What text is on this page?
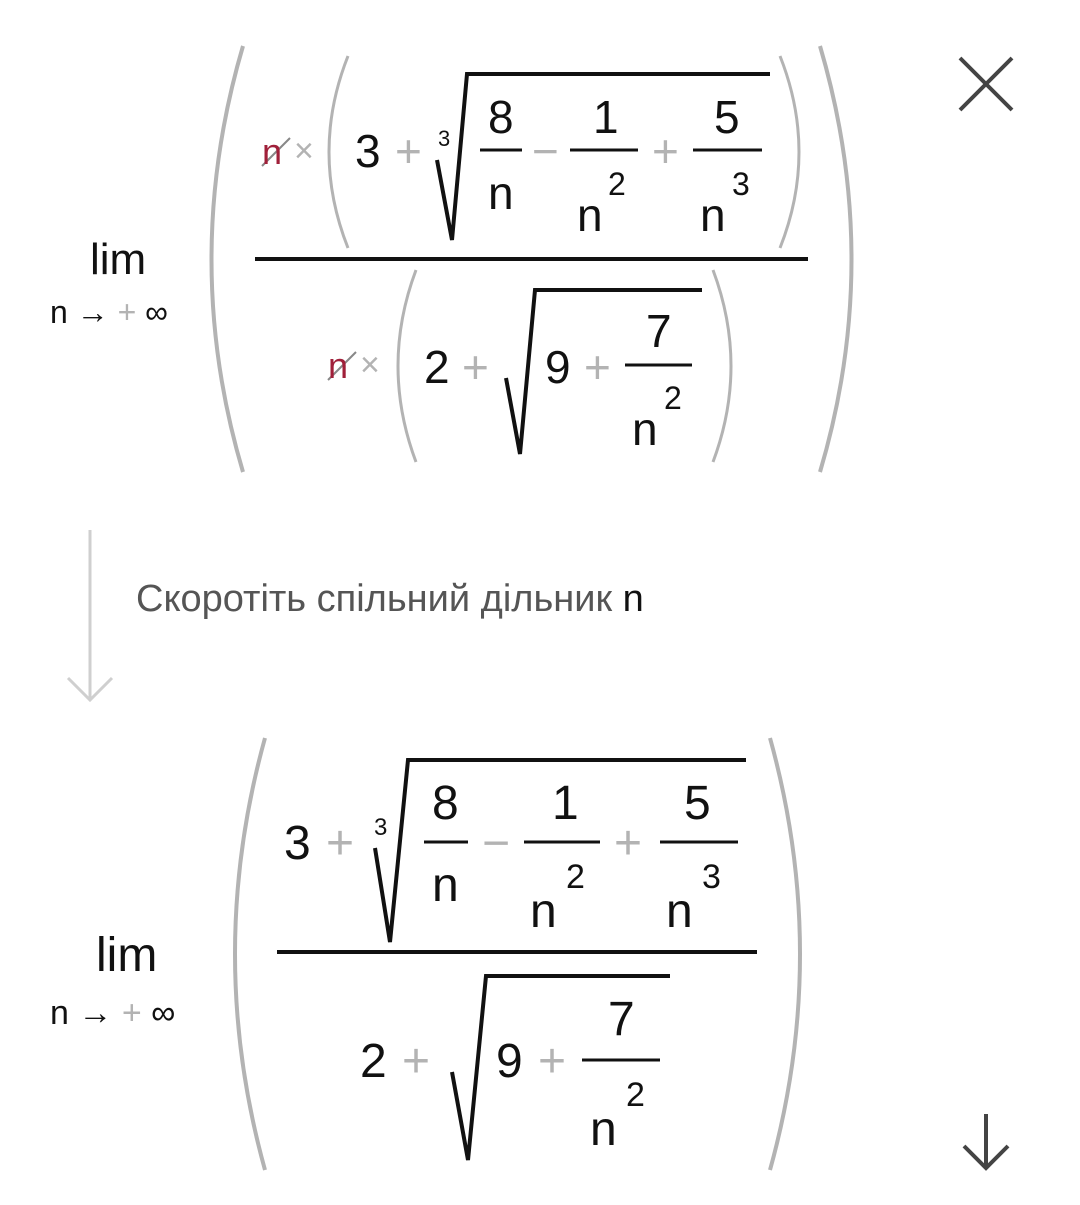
lim
n → + ∞
n × 3 + 3 8
n
−
1
n
2
+
5
n
3
n × 2 + 9 +
7
n
2
Скоротіть спільний дільник n
lim
n → + ∞
3 + 3 8
n
−
1
n
2
+
5
n
3
2 + 9 +
7
n
2
